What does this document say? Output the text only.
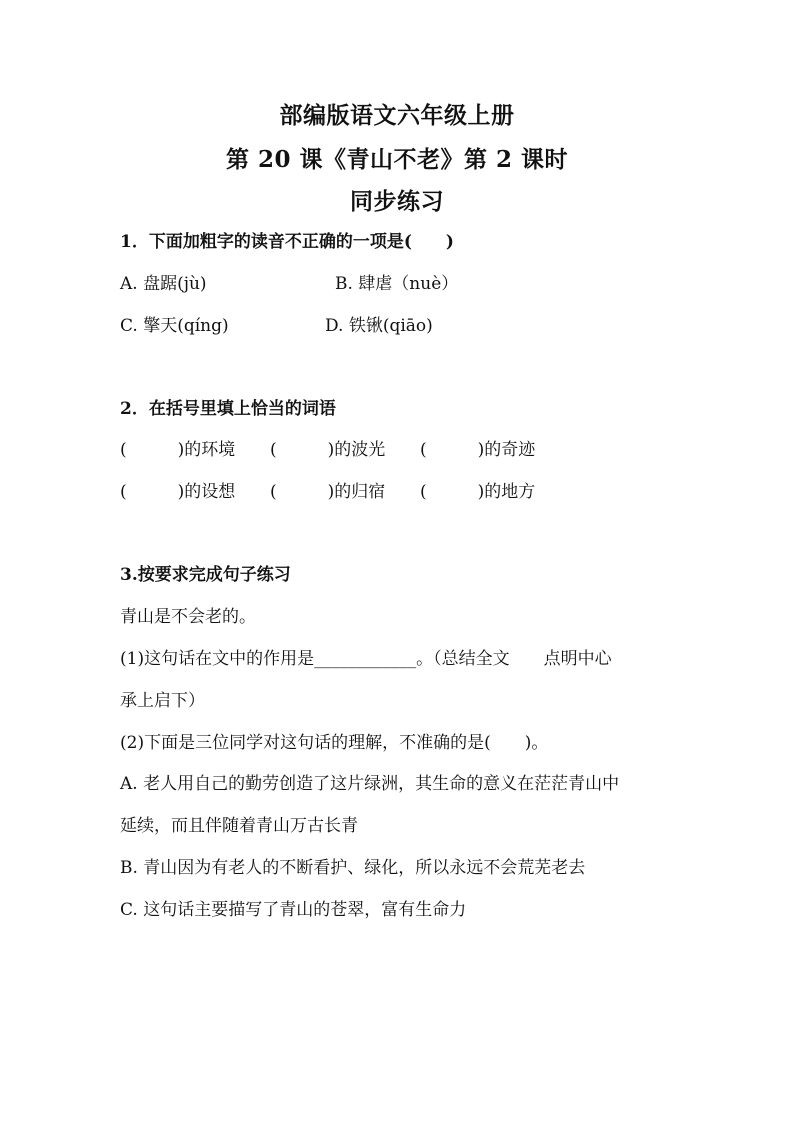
部编版语文六年级上册
第 20 课《青山不老》第 2 课时
同步练习
1．下面加粗字的读音不正确的一项是(　　)
A. 盘踞(jù)	B. 肆虐（nuè）
C. 擎天(qíng)	D. 铁锹(qiāo)
2．在括号里填上恰当的词语
(　　　)的环境 (　　　)的波光 (　　　)的奇迹
(　　　)的设想 (　　　)的归宿 (　　　)的地方
3.按要求完成句子练习
青山是不会老的。
(1)这句话在文中的作用是____________。（总结全文　　点明中心
承上启下）
(2)下面是三位同学对这句话的理解，不准确的是(　　)。
A. 老人用自己的勤劳创造了这片绿洲，其生命的意义在茫茫青山中
延续，而且伴随着青山万古长青
B. 青山因为有老人的不断看护、绿化，所以永远不会荒芜老去
C. 这句话主要描写了青山的苍翠，富有生命力
